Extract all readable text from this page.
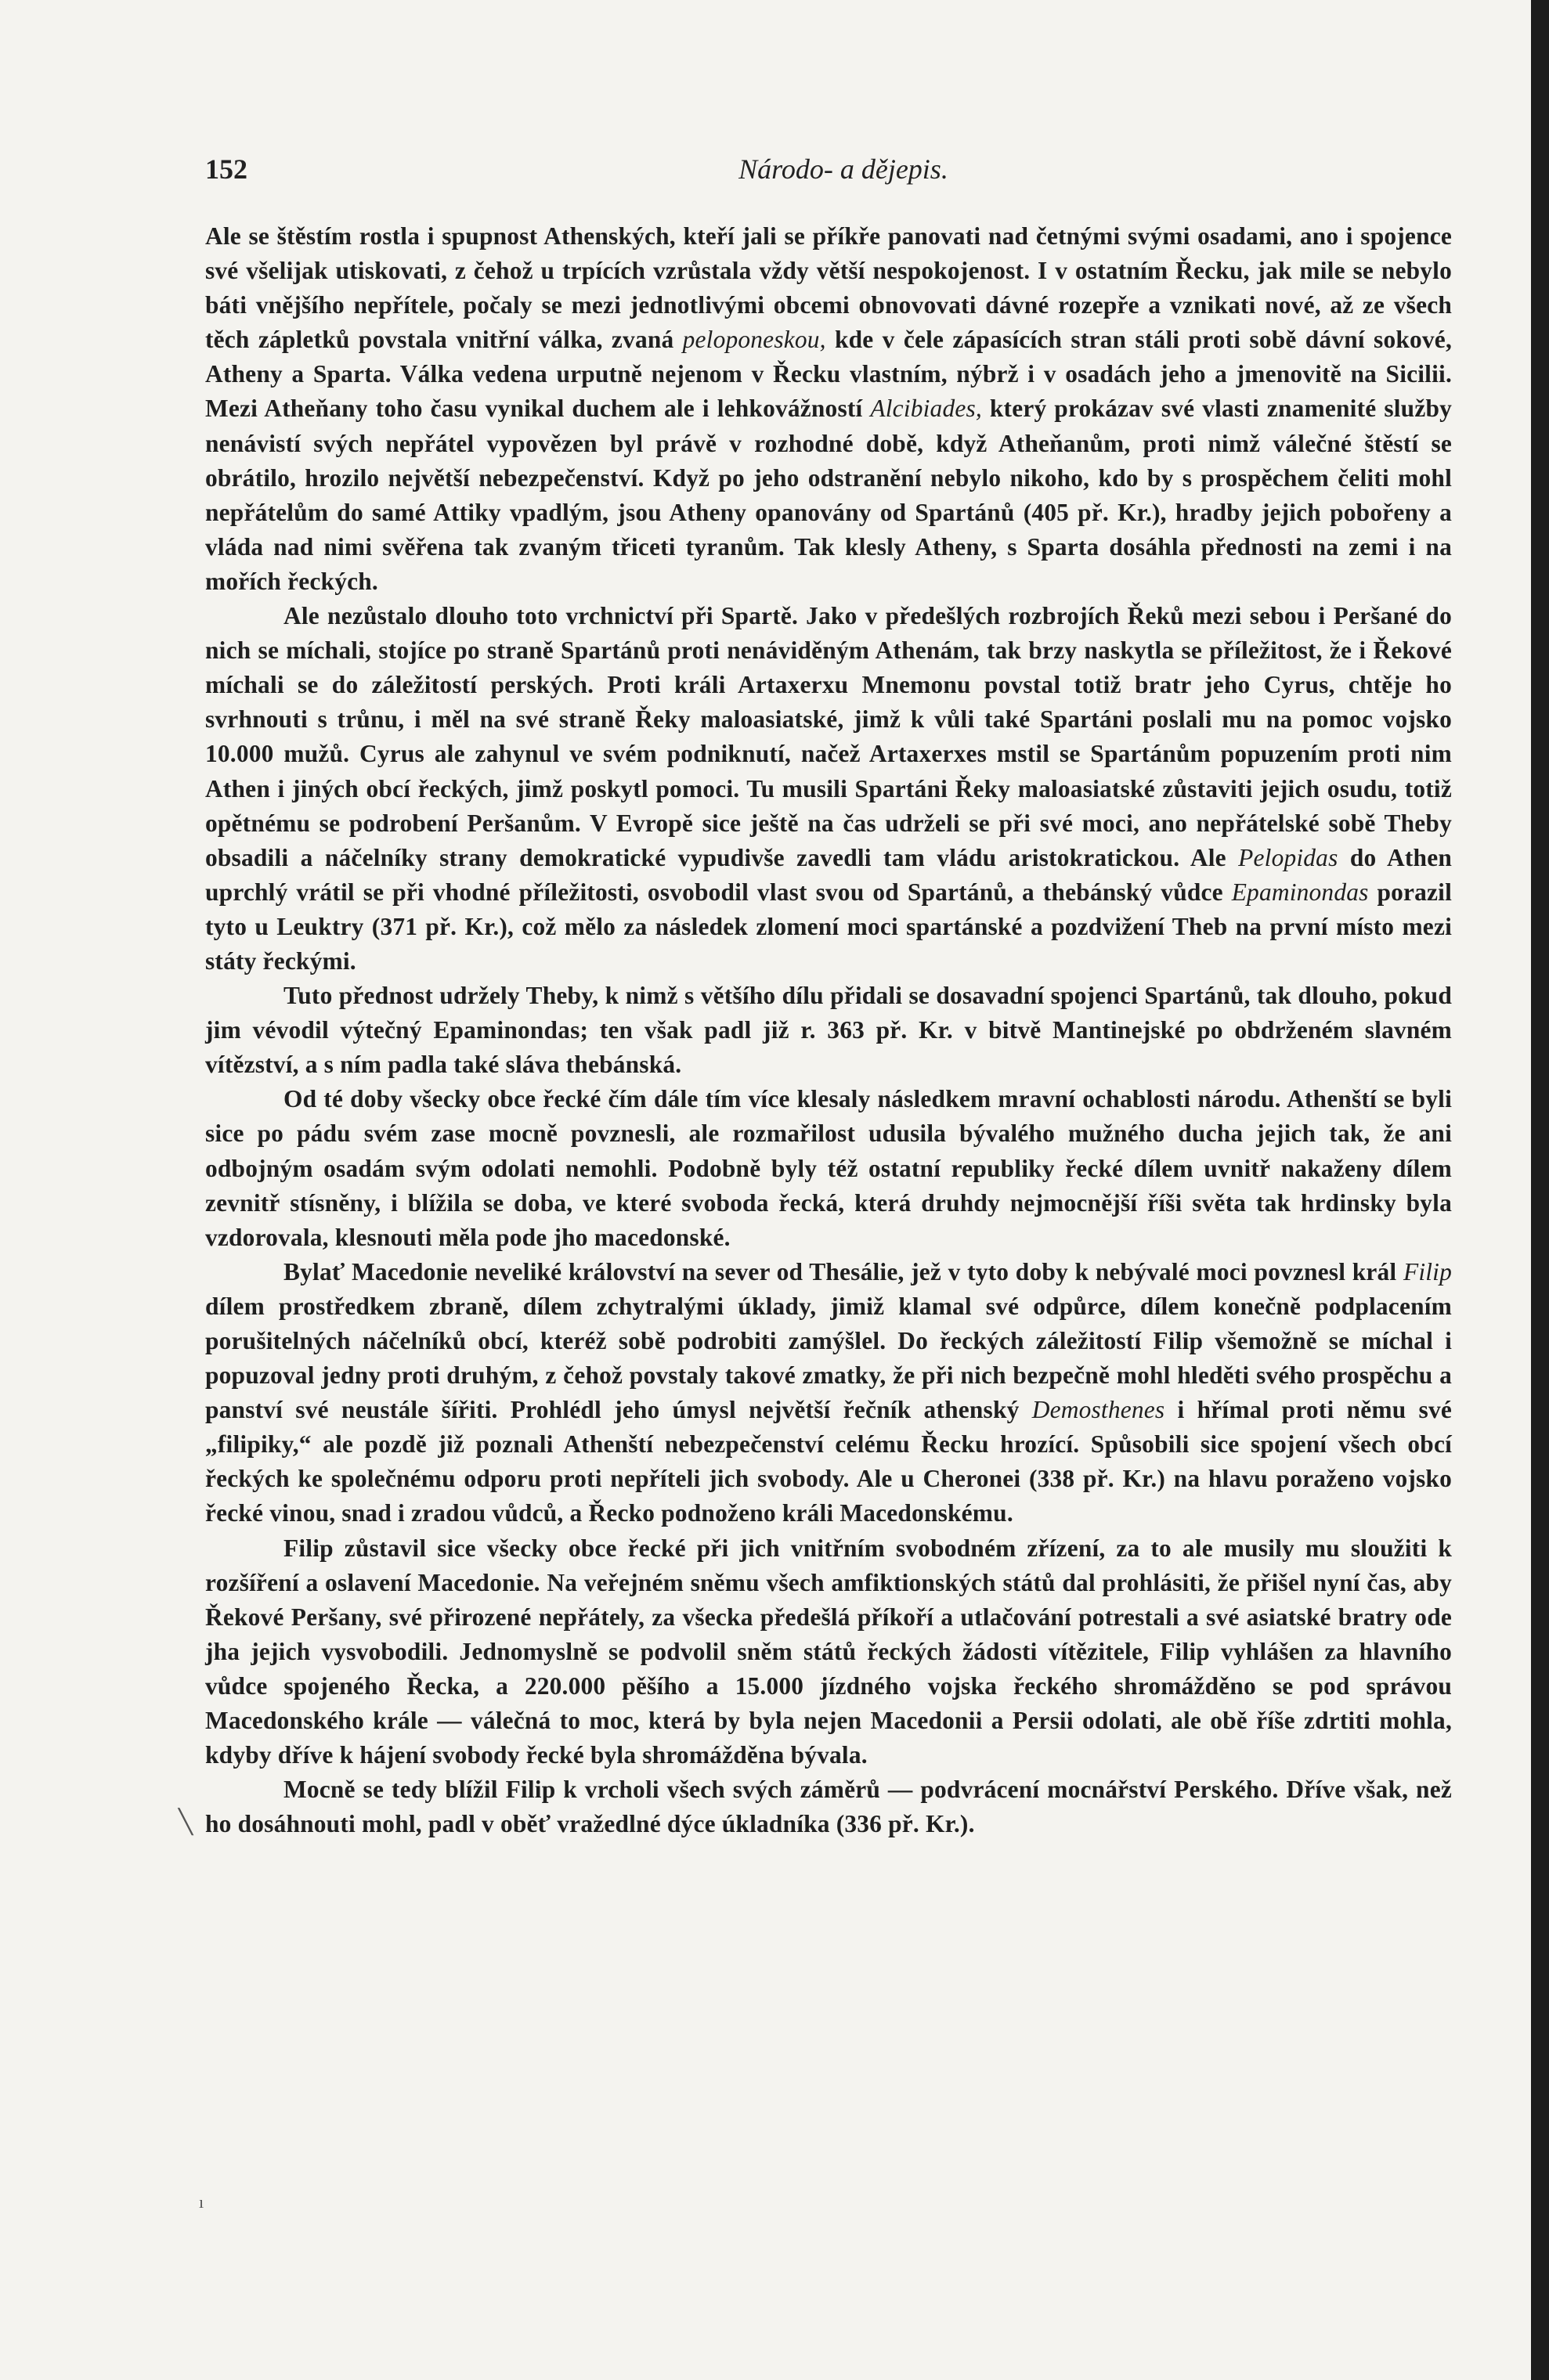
152	Národo- a dějepis.

Ale se štěstím rostla i spupnost Athenských, kteří jali se příkře panovati nad četnými svými osadami, ano i spojence své všelijak utiskovati, z čehož u trpících vzrůstala vždy větší nespokojenost. I v ostatním Řecku, jak mile se nebylo báti vnějšího nepřítele, počaly se mezi jednotlivými obcemi obnovovati dávné rozepře a vznikati nové, až ze všech těch zápletků povstala vnitřní válka, zvaná peloponeskou, kde v čele zápasících stran stáli proti sobě dávní sokové, Atheny a Sparta. Válka vedena urputně nejenom v Řecku vlastním, nýbrž i v osadách jeho a jmenovitě na Sicilii. Mezi Atheňany toho času vynikal duchem ale i lehkovážností Alcibiades, který prokázav své vlasti znamenité služby nenávistí svých nepřátel vypovězen byl právě v rozhodné době, když Atheňanům, proti nimž válečné štěstí se obrátilo, hrozilo největší nebezpečenství. Když po jeho odstranění nebylo nikoho, kdo by s prospěchem čeliti mohl nepřátelům do samé Attiky vpadlým, jsou Atheny opanovány od Spartánů (405 př. Kr.), hradby jejich pobořeny a vláda nad nimi svěřena tak zvaným třiceti tyranům. Tak klesly Atheny, s Sparta dosáhla přednosti na zemi i na mořích řeckých.

Ale nezůstalo dlouho toto vrchnictví při Spartě. Jako v předešlých rozbrojích Řeků mezi sebou i Peršané do nich se míchali, stojíce po straně Spartánů proti nenáviděným Athenám, tak brzy naskytla se příležitost, že i Řekové míchali se do záležitostí perských. Proti králi Artaxerxu Mnemonu povstal totiž bratr jeho Cyrus, chtěje ho svrhnouti s trůnu, i měl na své straně Řeky maloasiatské, jimž k vůli také Spartáni poslali mu na pomoc vojsko 10.000 mužů. Cyrus ale zahynul ve svém podniknutí, načež Artaxerxes mstil se Spartánům popuzením proti nim Athen i jiných obcí řeckých, jimž poskytl pomoci. Tu musili Spartáni Řeky maloasiatské zůstaviti jejich osudu, totiž opětnému se podrobení Peršanům. V Evropě sice ještě na čas udrželi se při své moci, ano nepřátelské sobě Theby obsadili a náčelníky strany demokratické vypudivše zavedli tam vládu aristokratickou. Ale Pelopidas do Athen uprchlý vrátil se při vhodné příležitosti, osvobodil vlast svou od Spartánů, a thebánský vůdce Epaminondas porazil tyto u Leuktry (371 př. Kr.), což mělo za následek zlomení moci spartánské a pozdvižení Theb na první místo mezi státy řeckými.

Tuto přednost udržely Theby, k nimž s většího dílu přidali se dosavadní spojenci Spartánů, tak dlouho, pokud jim vévodil výtečný Epaminondas; ten však padl již r. 363 př. Kr. v bitvě Mantinejské po obdrženém slavném vítězství, a s ním padla také sláva thebánská.

Od té doby všecky obce řecké čím dále tím více klesaly následkem mravní ochablosti národu. Athenští se byli sice po pádu svém zase mocně povznesli, ale rozmařilost udusila bývalého mužného ducha jejich tak, že ani odbojným osadám svým odolati nemohli. Podobně byly též ostatní republiky řecké dílem uvnitř nakaženy dílem zevnitř stísněny, i blížila se doba, ve které svoboda řecká, která druhdy nejmocnější říši světa tak hrdinsky byla vzdorovala, klesnouti měla pode jho macedonské.

Bylať Macedonie neveliké království na sever od Thesálie, jež v tyto doby k nebývalé moci povznesl král Filip dílem prostředkem zbraně, dílem zchytralými úklady, jimiž klamal své odpůrce, dílem konečně podplacením porušitelných náčelníků obcí, kteréž sobě podrobiti zamýšlel. Do řeckých záležitostí Filip všemožně se míchal i popuzoval jedny proti druhým, z čehož povstaly takové zmatky, že při nich bezpečně mohl hleděti svého prospěchu a panství své neustále šířiti. Prohlédl jeho úmysl největší řečník athenský Demosthenes i hřímal proti němu své „filipiky,“ ale pozdě již poznali Athenští nebezpečenství celému Řecku hrozící. Spůsobili sice spojení všech obcí řeckých ke společnému odporu proti nepříteli jich svobody. Ale u Cheronei (338 př. Kr.) na hlavu poraženo vojsko řecké vinou, snad i zradou vůdců, a Řecko podnoženo králi Macedonskému.

Filip zůstavil sice všecky obce řecké při jich vnitřním svobodném zřízení, za to ale musily mu sloužiti k rozšíření a oslavení Macedonie. Na veřejném sněmu všech amfiktionských států dal prohlásiti, že přišel nyní čas, aby Řekové Peršany, své přirozené nepřátely, za všecka předešlá příkoří a utlačování potrestali a své asiatské bratry ode jha jejich vysvobodili. Jednomyslně se podvolil sněm států řeckých žádosti vítězitele, Filip vyhlášen za hlavního vůdce spojeného Řecka, a 220.000 pěšího a 15.000 jízdného vojska řeckého shromážděno se pod správou Macedonského krále — válečná to moc, která by byla nejen Macedonii a Persii odolati, ale obě říše zdrtiti mohla, kdyby dříve k hájení svobody řecké byla shromážděna bývala.

Mocně se tedy blížil Filip k vrcholi všech svých záměrů — podvrácení mocnářství Perského. Dříve však, než ho dosáhnouti mohl, padl v oběť vražedlné dýce úkladníka (336 př. Kr.).

╲
ı
